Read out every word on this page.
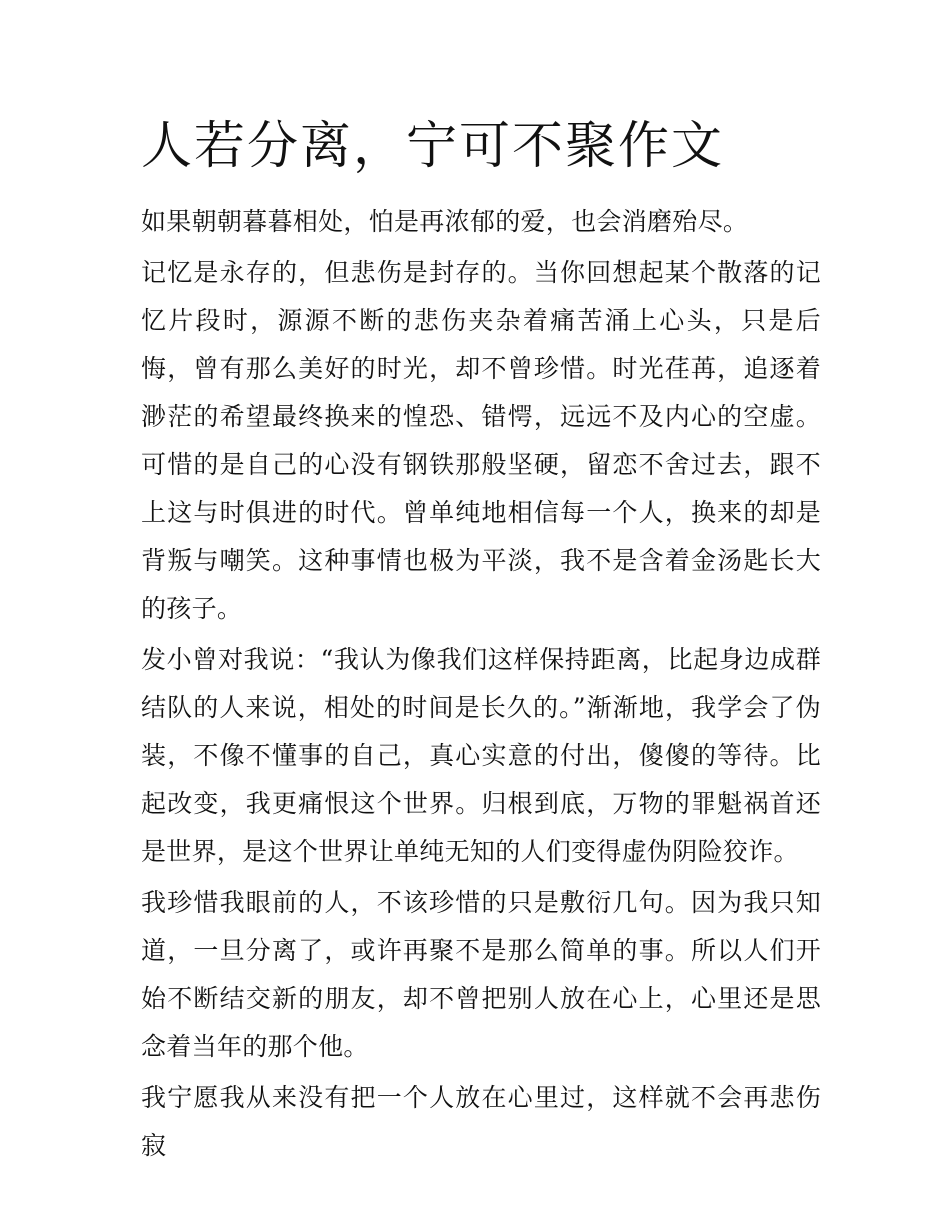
人若分离，宁可不聚作文

如果朝朝暮暮相处，怕是再浓郁的爱，也会消磨殆尽。

记忆是永存的，但悲伤是封存的。当你回想起某个散落的记忆片段时，源源不断的悲伤夹杂着痛苦涌上心头，只是后悔，曾有那么美好的时光，却不曾珍惜。时光荏苒，追逐着渺茫的希望最终换来的惶恐、错愕，远远不及内心的空虚。可惜的是自己的心没有钢铁那般坚硬，留恋不舍过去，跟不上这与时俱进的时代。曾单纯地相信每一个人，换来的却是背叛与嘲笑。这种事情也极为平淡，我不是含着金汤匙长大的孩子。

发小曾对我说：“我认为像我们这样保持距离，比起身边成群结队的人来说，相处的时间是长久的。”渐渐地，我学会了伪装，不像不懂事的自己，真心实意的付出，傻傻的等待。比起改变，我更痛恨这个世界。归根到底，万物的罪魁祸首还是世界，是这个世界让单纯无知的人们变得虚伪阴险狡诈。

我珍惜我眼前的人，不该珍惜的只是敷衍几句。因为我只知道，一旦分离了，或许再聚不是那么简单的事。所以人们开始不断结交新的朋友，却不曾把别人放在心上，心里还是思念着当年的那个他。

我宁愿我从来没有把一个人放在心里过，这样就不会再悲伤寂
